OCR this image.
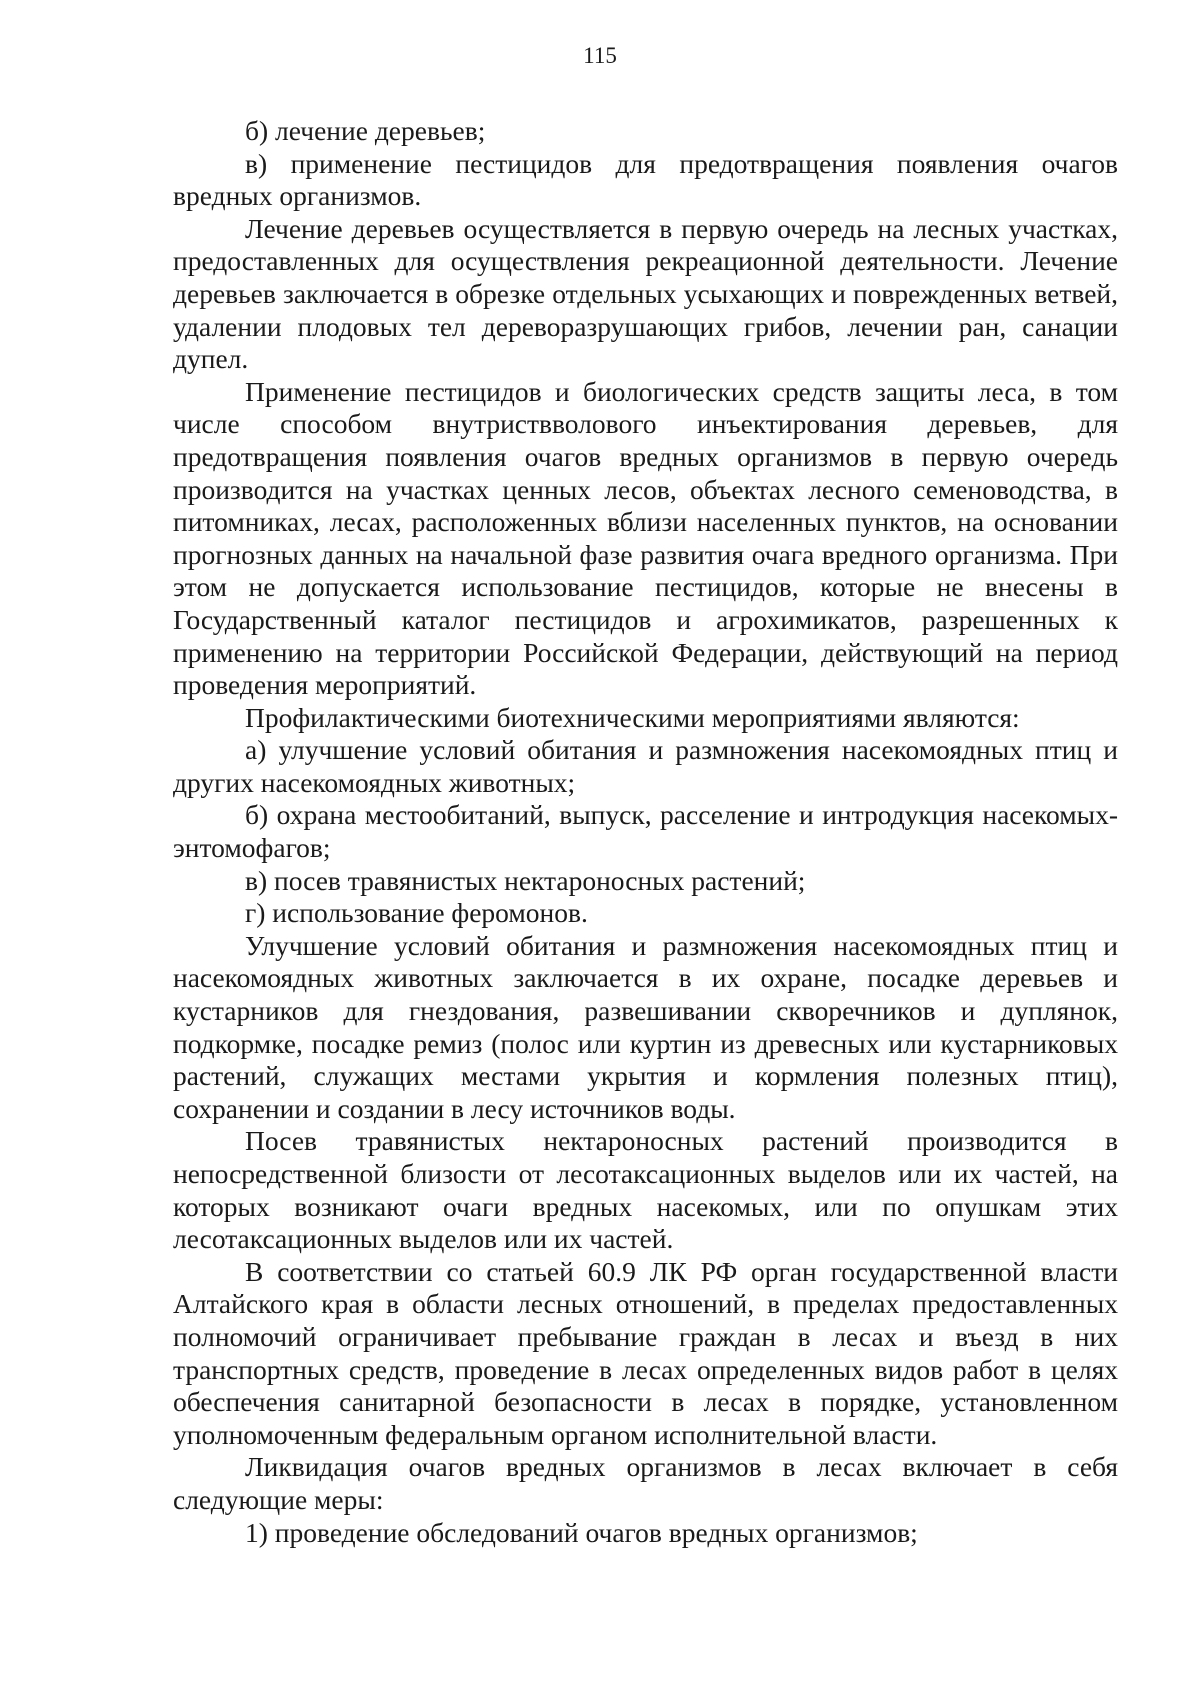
115

б) лечение деревьев;

в) применение пестицидов для предотвращения появления очагов вредных организмов.

Лечение деревьев осуществляется в первую очередь на лесных участках, предоставленных для осуществления рекреационной деятельности. Лечение деревьев заключается в обрезке отдельных усыхающих и поврежденных ветвей, удалении плодовых тел дереворазрушающих грибов, лечении ран, санации дупел.

Применение пестицидов и биологических средств защиты леса, в том числе способом внутриствволового инъектирования деревьев, для предотвращения появления очагов вредных организмов в первую очередь производится на участках ценных лесов, объектах лесного семеноводства, в питомниках, лесах, расположенных вблизи населенных пунктов, на основании прогнозных данных на начальной фазе развития очага вредного организма. При этом не допускается использование пестицидов, которые не внесены в Государственный каталог пестицидов и агрохимикатов, разрешенных к применению на территории Российской Федерации, действующий на период проведения мероприятий.

Профилактическими биотехническими мероприятиями являются:

а) улучшение условий обитания и размножения насекомоядных птиц и других насекомоядных животных;

б) охрана местообитаний, выпуск, расселение и интродукция насекомых-энтомофагов;

в) посев травянистых нектароносных растений;

г) использование феромонов.

Улучшение условий обитания и размножения насекомоядных птиц и насекомоядных животных заключается в их охране, посадке деревьев и кустарников для гнездования, развешивании скворечников и дуплянок, подкормке, посадке ремиз (полос или куртин из древесных или кустарниковых растений, служащих местами укрытия и кормления полезных птиц), сохранении и создании в лесу источников воды.

Посев травянистых нектароносных растений производится в непосредственной близости от лесотаксационных выделов или их частей, на которых возникают очаги вредных насекомых, или по опушкам этих лесотаксационных выделов или их частей.

В соответствии со статьей 60.9 ЛК РФ орган государственной власти Алтайского края в области лесных отношений, в пределах предоставленных полномочий ограничивает пребывание граждан в лесах и въезд в них транспортных средств, проведение в лесах определенных видов работ в целях обеспечения санитарной безопасности в лесах в порядке, установленном уполномоченным федеральным органом исполнительной власти.

Ликвидация очагов вредных организмов в лесах включает в себя следующие меры:

1) проведение обследований очагов вредных организмов;
